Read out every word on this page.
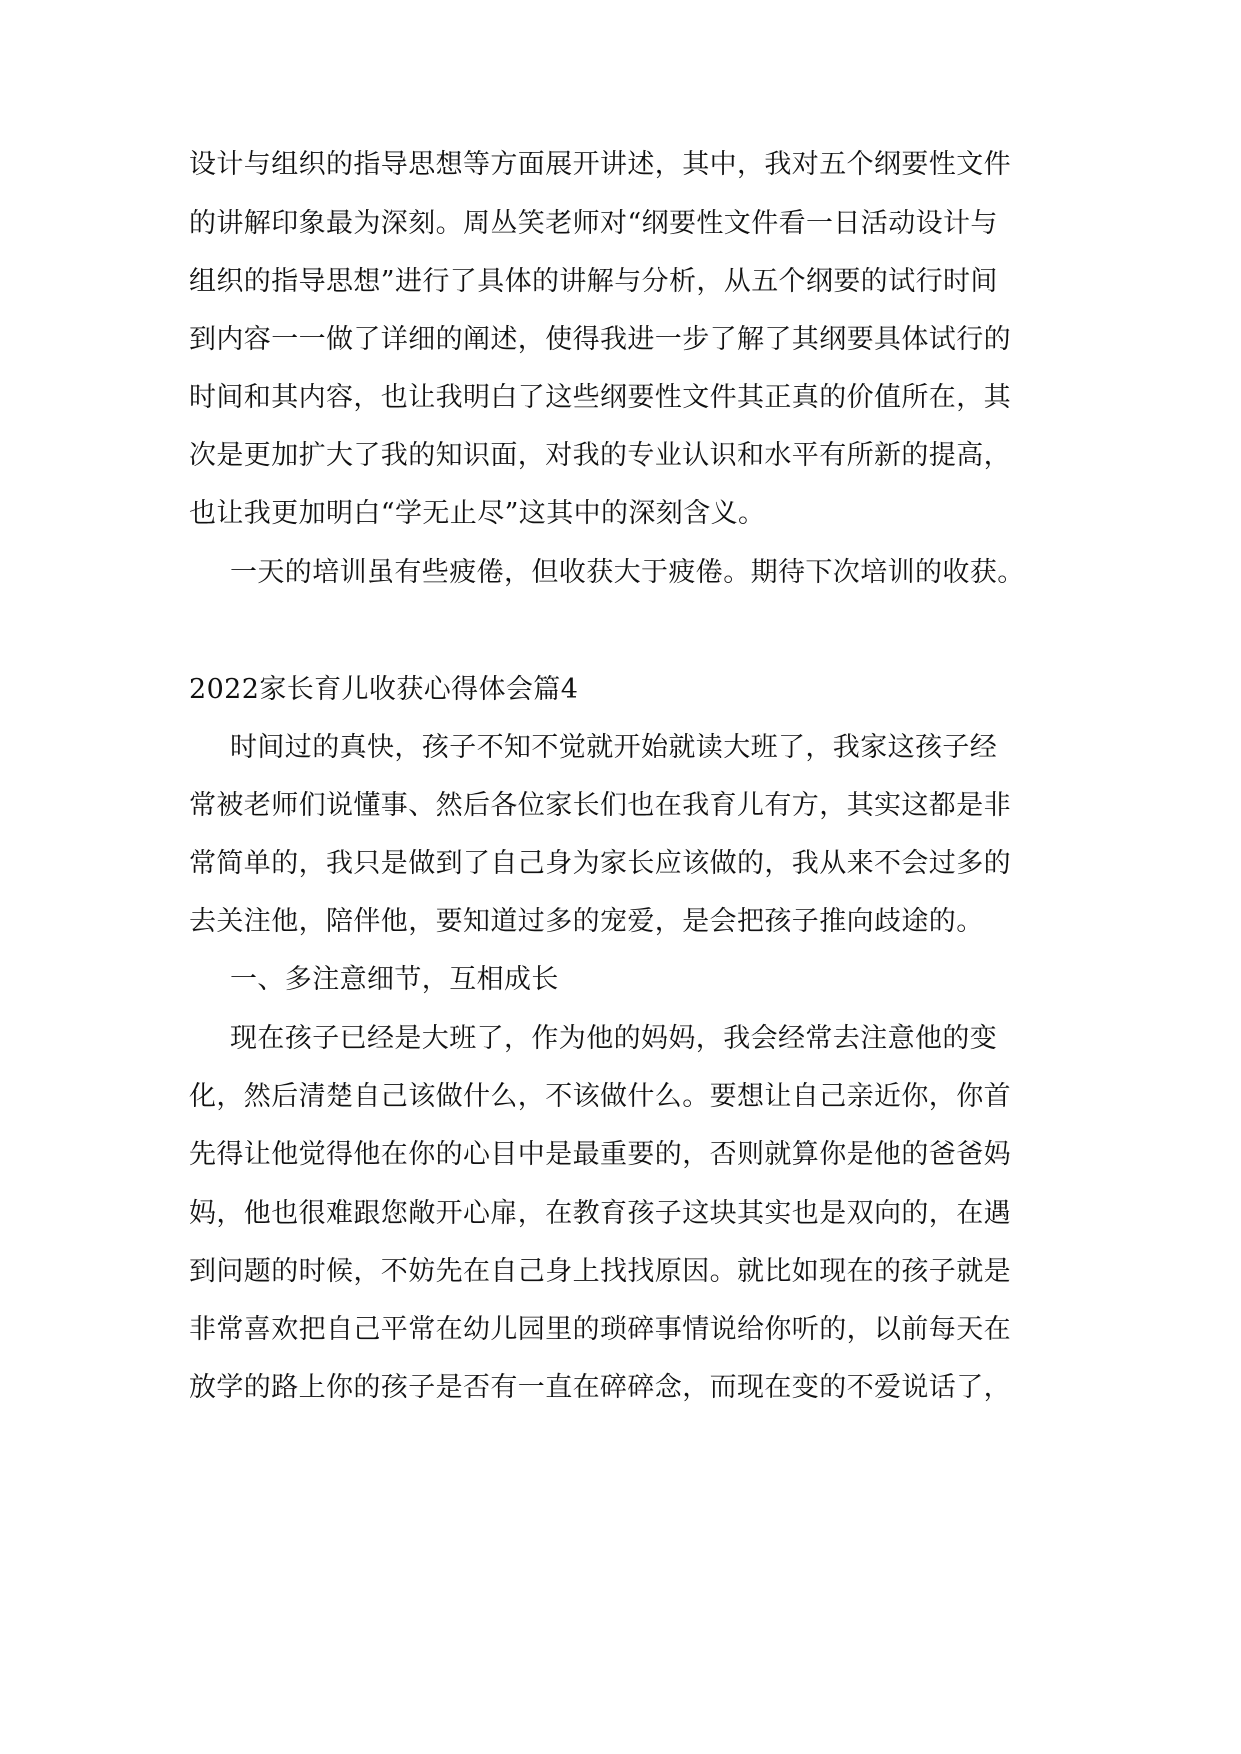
设计与组织的指导思想等方面展开讲述，其中，我对五个纲要性文件
的讲解印象最为深刻。周丛笑老师对“纲要性文件看一日活动设计与
组织的指导思想”进行了具体的讲解与分析，从五个纲要的试行时间
到内容一一做了详细的阐述，使得我进一步了解了其纲要具体试行的
时间和其内容，也让我明白了这些纲要性文件其正真的价值所在，其
次是更加扩大了我的知识面，对我的专业认识和水平有所新的提高，
也让我更加明白“学无止尽”这其中的深刻含义。
一天的培训虽有些疲倦，但收获大于疲倦。期待下次培训的收获。
2022家长育儿收获心得体会篇4
时间过的真快，孩子不知不觉就开始就读大班了，我家这孩子经
常被老师们说懂事、然后各位家长们也在我育儿有方，其实这都是非
常简单的，我只是做到了自己身为家长应该做的，我从来不会过多的
去关注他，陪伴他，要知道过多的宠爱，是会把孩子推向歧途的。
一、多注意细节，互相成长
现在孩子已经是大班了，作为他的妈妈，我会经常去注意他的变
化，然后清楚自己该做什么，不该做什么。要想让自己亲近你，你首
先得让他觉得他在你的心目中是最重要的，否则就算你是他的爸爸妈
妈，他也很难跟您敞开心扉，在教育孩子这块其实也是双向的，在遇
到问题的时候，不妨先在自己身上找找原因。就比如现在的孩子就是
非常喜欢把自己平常在幼儿园里的琐碎事情说给你听的，以前每天在
放学的路上你的孩子是否有一直在碎碎念，而现在变的不爱说话了，
